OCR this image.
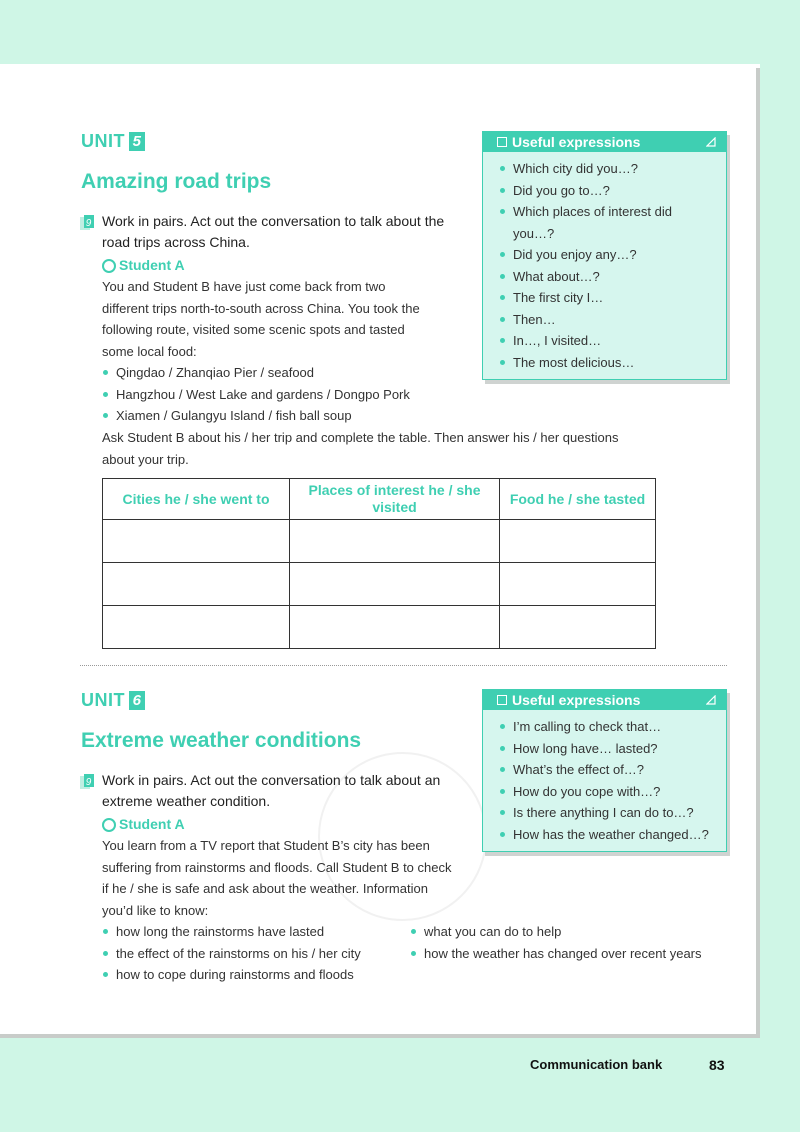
UNIT 5
Amazing road trips
9 Work in pairs. Act out the conversation to talk about the road trips across China.
Student A
You and Student B have just come back from two
different trips north-to-south across China. You took the
following route, visited some scenic spots and tasted
some local food:
Qingdao / Zhanqiao Pier / seafood
Hangzhou / West Lake and gardens / Dongpo Pork
Xiamen / Gulangyu Island / fish ball soup
Ask Student B about his / her trip and complete the table. Then answer his / her questions
about your trip.
Useful expressions
Which city did you…?
Did you go to…?
Which places of interest did you…?
Did you enjoy any…?
What about…?
The first city I…
Then…
In…, I visited…
The most delicious…
Cities he / she went to	Places of interest he / she visited	Food he / she tasted

UNIT 6
Extreme weather conditions
9 Work in pairs. Act out the conversation to talk about an extreme weather condition.
Student A
You learn from a TV report that Student B’s city has been
suffering from rainstorms and floods. Call Student B to check
if he / she is safe and ask about the weather. Information
you’d like to know:
how long the rainstorms have lasted
the effect of the rainstorms on his / her city
how to cope during rainstorms and floods
what you can do to help
how the weather has changed over recent years
Useful expressions
I’m calling to check that…
How long have… lasted?
What’s the effect of…?
How do you cope with…?
Is there anything I can do to…?
How has the weather changed…?
Communication bank	83
